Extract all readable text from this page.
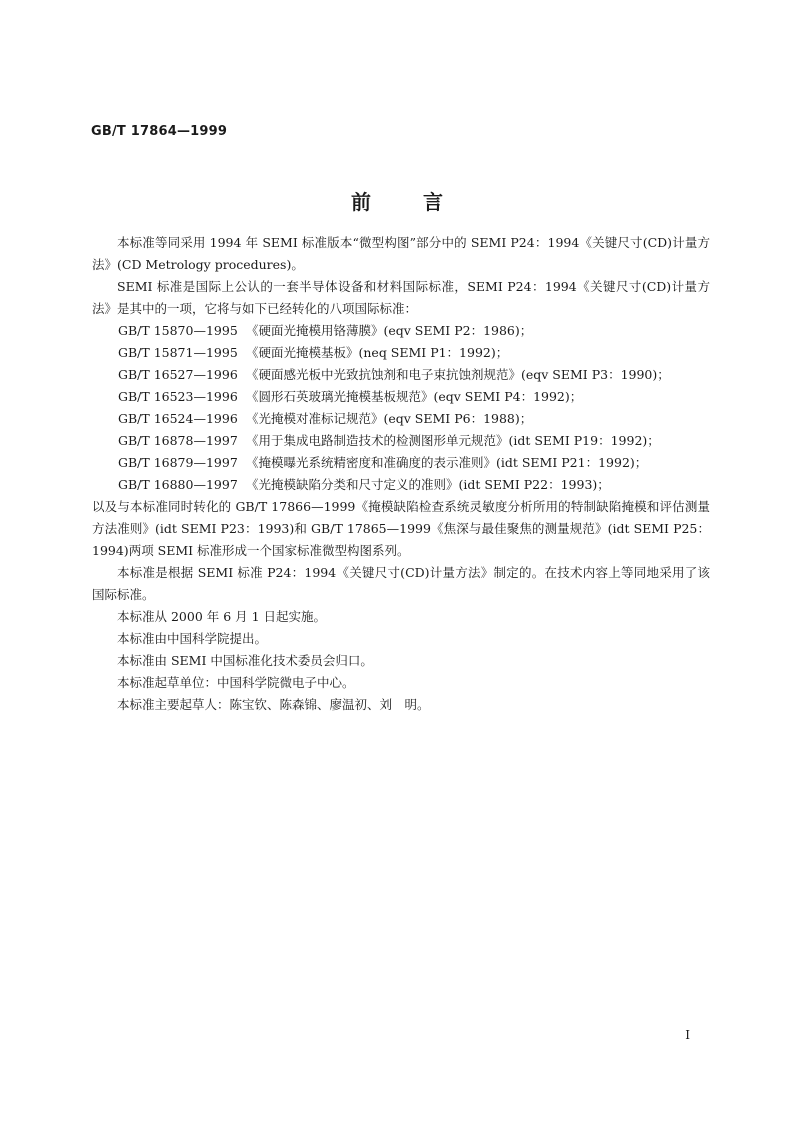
GB/T 17864—1999
前言

本标准等同采用 1994 年 SEMI 标准版本“微型构图”部分中的 SEMI P24：1994《关键尺寸(CD)计量方法》(CD Metrology procedures)。

SEMI 标准是国际上公认的一套半导体设备和材料国际标准，SEMI P24：1994《关键尺寸(CD)计量方法》是其中的一项，它将与如下已经转化的八项国际标准：

GB/T 15870—1995 《硬面光掩模用铬薄膜》(eqv SEMI P2：1986)；
GB/T 15871—1995 《硬面光掩模基板》(neq SEMI P1：1992)；
GB/T 16527—1996 《硬面感光板中光致抗蚀剂和电子束抗蚀剂规范》(eqv SEMI P3：1990)；
GB/T 16523—1996 《圆形石英玻璃光掩模基板规范》(eqv SEMI P4：1992)；
GB/T 16524—1996 《光掩模对准标记规范》(eqv SEMI P6：1988)；
GB/T 16878—1997 《用于集成电路制造技术的检测图形单元规范》(idt SEMI P19：1992)；
GB/T 16879—1997 《掩模曝光系统精密度和准确度的表示准则》(idt SEMI P21：1992)；
GB/T 16880—1997 《光掩模缺陷分类和尺寸定义的准则》(idt SEMI P22：1993)；

以及与本标准同时转化的 GB/T 17866—1999《掩模缺陷检查系统灵敏度分析所用的特制缺陷掩模和评估测量方法准则》(idt SEMI P23：1993)和 GB/T 17865—1999《焦深与最佳聚焦的测量规范》(idt SEMI P25：1994)两项 SEMI 标准形成一个国家标准微型构图系列。

本标准是根据 SEMI 标准 P24：1994《关键尺寸(CD)计量方法》制定的。在技术内容上等同地采用了该国际标准。

本标准从 2000 年 6 月 1 日起实施。

本标准由中国科学院提出。

本标准由 SEMI 中国标准化技术委员会归口。

本标准起草单位：中国科学院微电子中心。

本标准主要起草人：陈宝钦、陈森锦、廖温初、刘　明。

I
